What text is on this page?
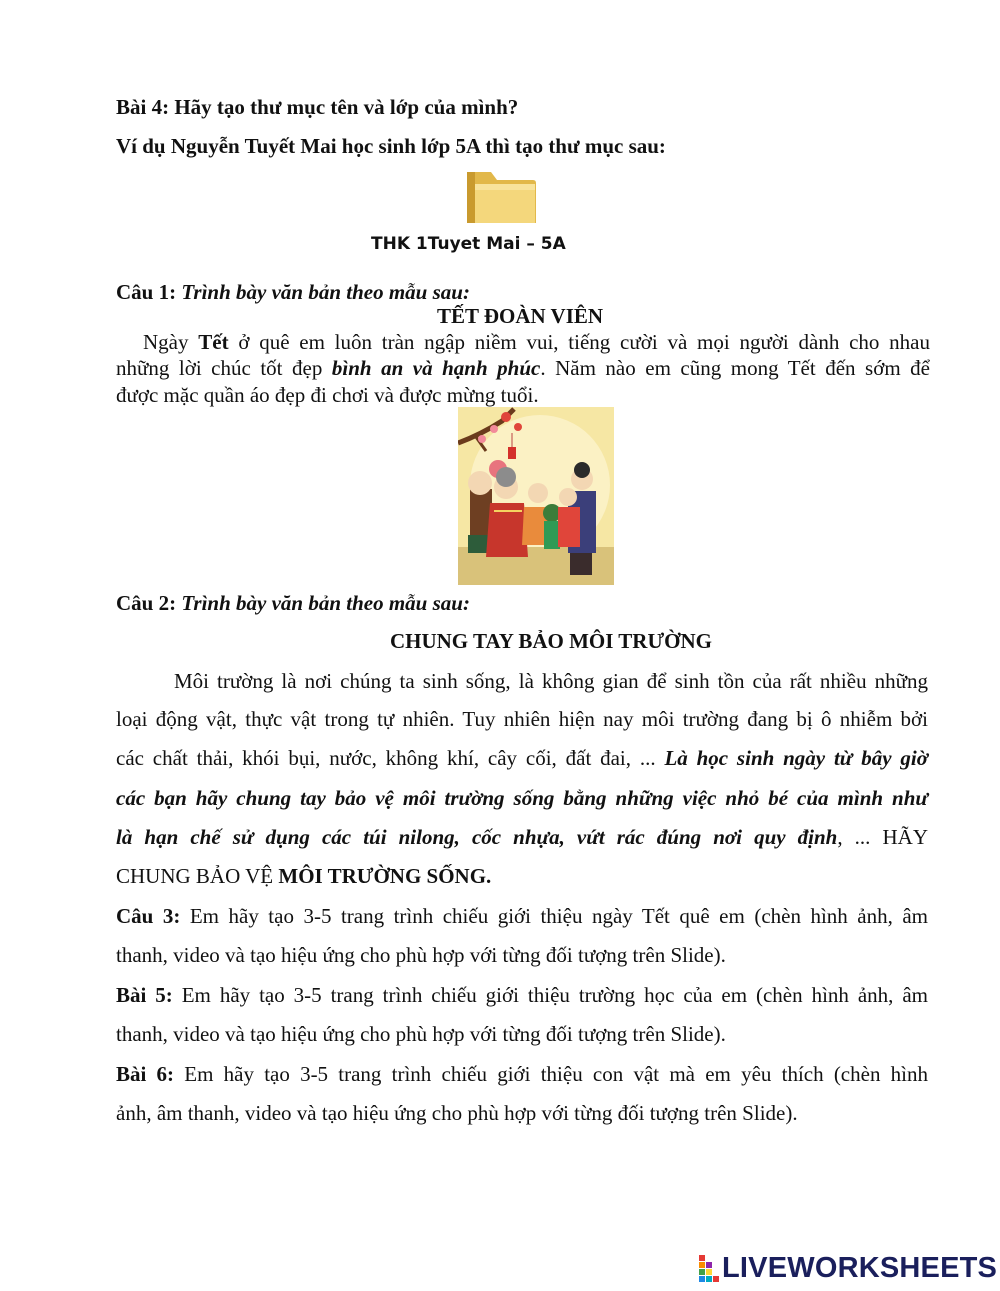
Bài 4: Hãy tạo thư mục tên và lớp của mình?
Ví dụ Nguyễn Tuyết Mai học sinh lớp 5A thì tạo thư mục sau:
THK 1Tuyet Mai – 5A
Câu 1: Trình bày văn bản theo mẫu sau:
TẾT ĐOÀN VIÊN
Ngày Tết ở quê em luôn tràn ngập niềm vui, tiếng cười và mọi người dành cho nhau
những lời chúc tốt đẹp bình an và hạnh phúc. Năm nào em cũng mong Tết đến sớm để
được mặc quần áo đẹp đi chơi và được mừng tuổi.
Câu 2: Trình bày văn bản theo mẫu sau:
CHUNG TAY BẢO MÔI TRƯỜNG
Môi trường là nơi chúng ta sinh sống, là không gian để sinh tồn của rất nhiều những
loại động vật, thực vật trong tự nhiên. Tuy nhiên hiện nay môi trường đang bị ô nhiễm bởi
các chất thải, khói bụi, nước, không khí, cây cối, đất đai, ... Là học sinh ngày từ bây giờ
các bạn hãy chung tay bảo vệ môi trường sống bằng những việc nhỏ bé của mình như
là hạn chế sử dụng các túi nilong, cốc nhựa, vứt rác đúng nơi quy định, ... HÃY
CHUNG BẢO VỆ MÔI TRƯỜNG SỐNG.
Câu 3: Em hãy tạo 3-5 trang trình chiếu giới thiệu ngày Tết quê em (chèn hình ảnh, âm
thanh, video và tạo hiệu ứng cho phù hợp với từng đối tượng trên Slide).
Bài 5: Em hãy tạo 3-5 trang trình chiếu giới thiệu trường học của em (chèn hình ảnh, âm
thanh, video và tạo hiệu ứng cho phù hợp với từng đối tượng trên Slide).
Bài 6: Em hãy tạo 3-5 trang trình chiếu giới thiệu con vật mà em yêu thích (chèn hình
ảnh, âm thanh, video và tạo hiệu ứng cho phù hợp với từng đối tượng trên Slide).
LIVEWORKSHEETS
